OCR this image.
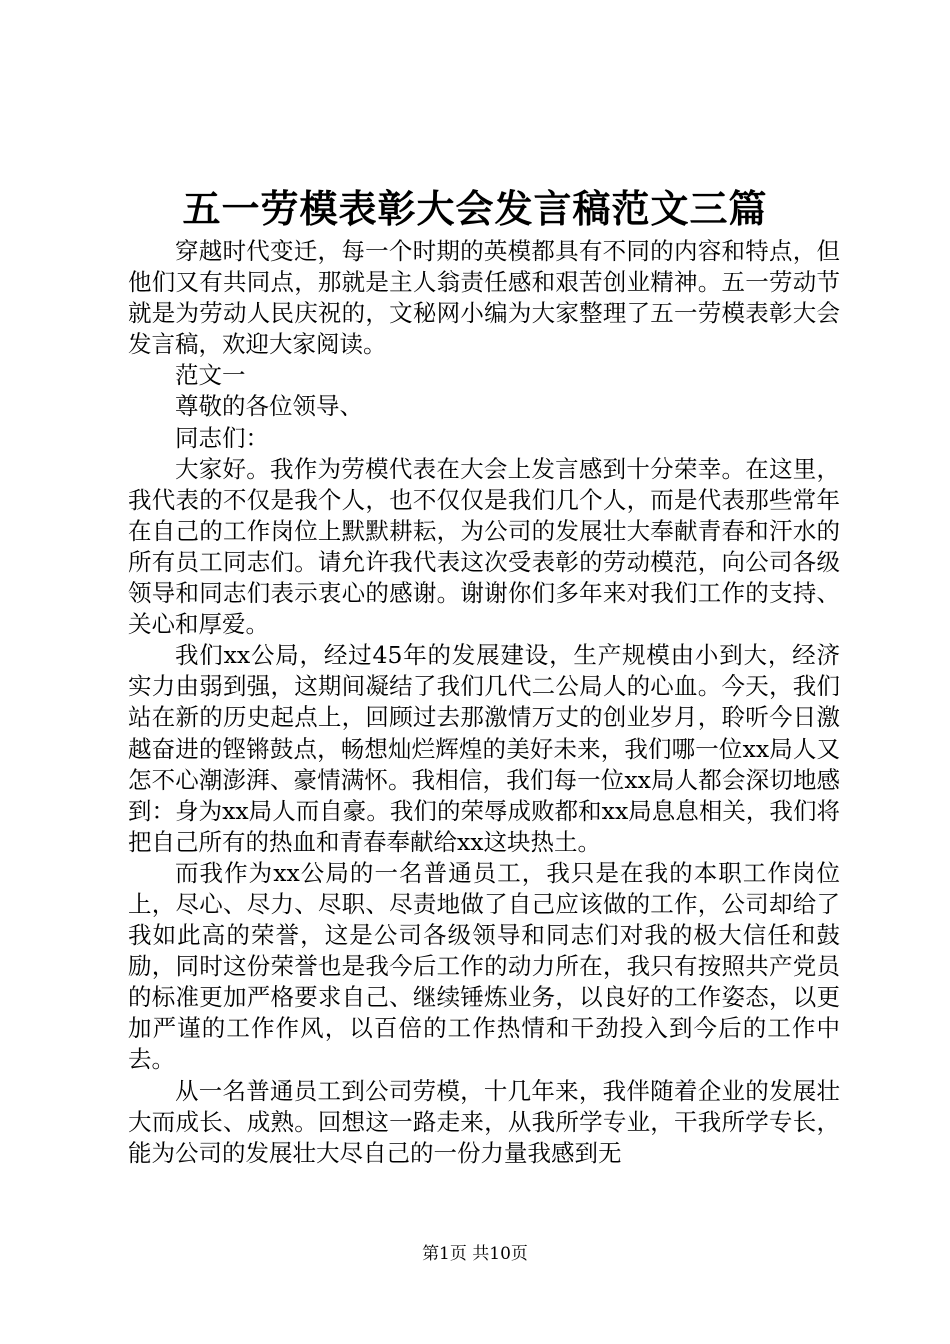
五一劳模表彰大会发言稿范文三篇

穿越时代变迁，每一个时期的英模都具有不同的内容和特点，但他们又有共同点，那就是主人翁责任感和艰苦创业精神。五一劳动节就是为劳动人民庆祝的，文秘网小编为大家整理了五一劳模表彰大会发言稿，欢迎大家阅读。

范文一

尊敬的各位领导、

同志们：

大家好。我作为劳模代表在大会上发言感到十分荣幸。在这里，我代表的不仅是我个人，也不仅仅是我们几个人，而是代表那些常年在自己的工作岗位上默默耕耘，为公司的发展壮大奉献青春和汗水的所有员工同志们。请允许我代表这次受表彰的劳动模范，向公司各级领导和同志们表示衷心的感谢。谢谢你们多年来对我们工作的支持、关心和厚爱。

我们xx公局，经过45年的发展建设，生产规模由小到大，经济实力由弱到强，这期间凝结了我们几代二公局人的心血。今天，我们站在新的历史起点上，回顾过去那激情万丈的创业岁月，聆听今日激越奋进的铿锵鼓点，畅想灿烂辉煌的美好未来，我们哪一位xx局人又怎不心潮澎湃、豪情满怀。我相信，我们每一位xx局人都会深切地感到：身为xx局人而自豪。我们的荣辱成败都和xx局息息相关，我们将把自己所有的热血和青春奉献给xx这块热土。

而我作为xx公局的一名普通员工，我只是在我的本职工作岗位上，尽心、尽力、尽职、尽责地做了自己应该做的工作，公司却给了我如此高的荣誉，这是公司各级领导和同志们对我的极大信任和鼓励，同时这份荣誉也是我今后工作的动力所在，我只有按照共产党员的标准更加严格要求自己、继续锤炼业务，以良好的工作姿态，以更加严谨的工作作风，以百倍的工作热情和干劲投入到今后的工作中去。

从一名普通员工到公司劳模，十几年来，我伴随着企业的发展壮大而成长、成熟。回想这一路走来，从我所学专业，干我所学专长，能为公司的发展壮大尽自己的一份力量我感到无

第1页 共10页
